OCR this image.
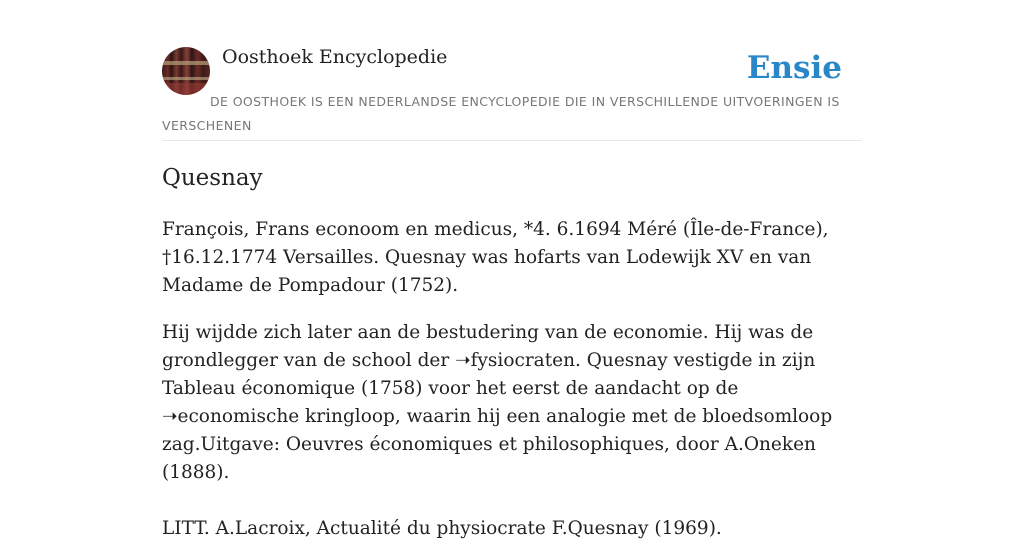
Oosthoek Encyclopedie	Ensie
DE OOSTHOEK IS EEN NEDERLANDSE ENCYCLOPEDIE DIE IN VERSCHILLENDE UITVOERINGEN IS VERSCHENEN
Quesnay

François, Frans econoom en medicus, *4. 6.1694 Méré (Île-de-France), †16.12.1774 Versailles. Quesnay was hofarts van Lodewijk XV en van Madame de Pompadour (1752).

Hij wijdde zich later aan de bestudering van de economie. Hij was de grondlegger van de school der ➝fysiocraten. Quesnay vestigde in zijn Tableau économique (1758) voor het eerst de aandacht op de ➝economische kringloop, waarin hij een analogie met de bloedsomloop zag.Uitgave: Oeuvres économiques et philosophiques, door A.Oneken (1888).

LITT. A.Lacroix, Actualité du physiocrate F.Quesnay (1969).
